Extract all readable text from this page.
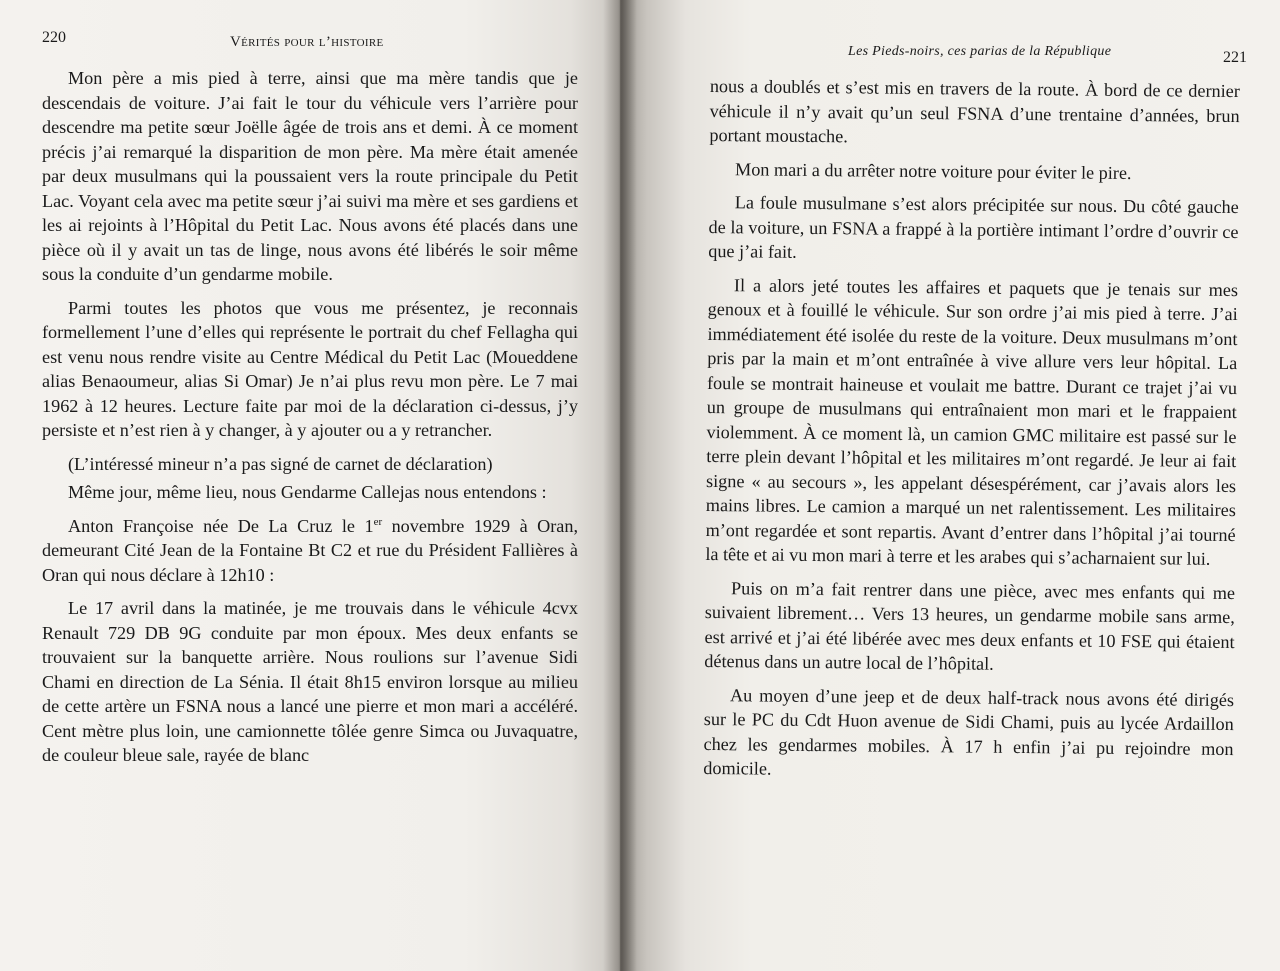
220	Vérités pour l’histoire

Mon père a mis pied à terre, ainsi que ma mère tandis que je descendais de voiture. J’ai fait le tour du véhicule vers l’arrière pour descendre ma petite sœur Joëlle âgée de trois ans et demi. À ce moment précis j’ai remarqué la disparition de mon père. Ma mère était amenée par deux musulmans qui la poussaient vers la route principale du Petit Lac. Voyant cela avec ma petite sœur j’ai suivi ma mère et ses gardiens et les ai rejoints à l’Hôpital du Petit Lac. Nous avons été placés dans une pièce où il y avait un tas de linge, nous avons été libérés le soir même sous la conduite d’un gendarme mobile.

Parmi toutes les photos que vous me présentez, je reconnais formellement l’une d’elles qui représente le portrait du chef Fellagha qui est venu nous rendre visite au Centre Médical du Petit Lac (Moueddene alias Benaoumeur, alias Si Omar) Je n’ai plus revu mon père. Le 7 mai 1962 à 12 heures. Lecture faite par moi de la déclaration ci-dessus, j’y persiste et n’est rien à y changer, à y ajouter ou a y retrancher.

(L’intéressé mineur n’a pas signé de carnet de déclaration)

Même jour, même lieu, nous Gendarme Callejas nous entendons :

Anton Françoise née De La Cruz le 1er novembre 1929 à Oran, demeurant Cité Jean de la Fontaine Bt C2 et rue du Président Fallières à Oran qui nous déclare à 12h10 :

Le 17 avril dans la matinée, je me trouvais dans le véhicule 4cvx Renault 729 DB 9G conduite par mon époux. Mes deux enfants se trouvaient sur la banquette arrière. Nous roulions sur l’avenue Sidi Chami en direction de La Sénia. Il était 8h15 environ lorsque au milieu de cette artère un FSNA nous a lancé une pierre et mon mari a accéléré. Cent mètre plus loin, une camionnette tôlée genre Simca ou Juvaquatre, de couleur bleue sale, rayée de blanc

Les Pieds-noirs, ces parias de la République	221

nous a doublés et s’est mis en travers de la route. À bord de ce dernier véhicule il n’y avait qu’un seul FSNA d’une trentaine d’années, brun portant moustache.

Mon mari a du arrêter notre voiture pour éviter le pire.

La foule musulmane s’est alors précipitée sur nous. Du côté gauche de la voiture, un FSNA a frappé à la portière intimant l’ordre d’ouvrir ce que j’ai fait.

Il a alors jeté toutes les affaires et paquets que je tenais sur mes genoux et à fouillé le véhicule. Sur son ordre j’ai mis pied à terre. J’ai immédiatement été isolée du reste de la voiture. Deux musulmans m’ont pris par la main et m’ont entraînée à vive allure vers leur hôpital. La foule se montrait haineuse et voulait me battre. Durant ce trajet j’ai vu un groupe de musulmans qui entraînaient mon mari et le frappaient violemment. À ce moment là, un camion GMC militaire est passé sur le terre plein devant l’hôpital et les militaires m’ont regardé. Je leur ai fait signe « au secours », les appelant désespérément, car j’avais alors les mains libres. Le camion a marqué un net ralentissement. Les militaires m’ont regardée et sont repartis. Avant d’entrer dans l’hôpital j’ai tourné la tête et ai vu mon mari à terre et les arabes qui s’acharnaient sur lui.

Puis on m’a fait rentrer dans une pièce, avec mes enfants qui me suivaient librement… Vers 13 heures, un gendarme mobile sans arme, est arrivé et j’ai été libérée avec mes deux enfants et 10 FSE qui étaient détenus dans un autre local de l’hôpital.

Au moyen d’une jeep et de deux half-track nous avons été dirigés sur le PC du Cdt Huon avenue de Sidi Chami, puis au lycée Ardaillon chez les gendarmes mobiles. À 17 h enfin j’ai pu rejoindre mon domicile.
